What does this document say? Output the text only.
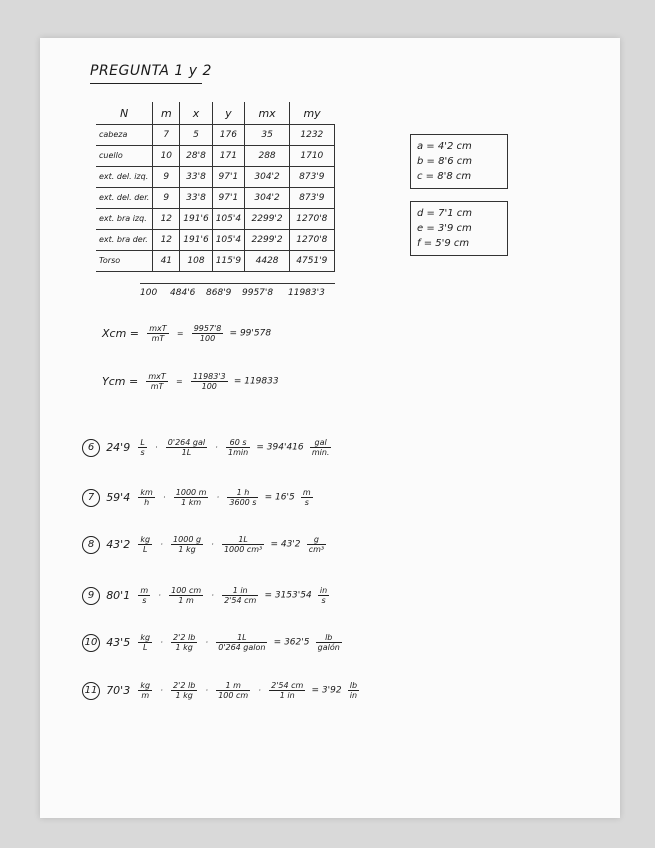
PREGUNTA 1 y 2
N	m	x	y	mx	my
cabeza	7	5	176	35	1232
cuello	10	28'8	171	288	1710
ext. del. izq.	9	33'8	97'1	304'2	873'9
ext. del. der.	9	33'8	97'1	304'2	873'9
ext. bra izq.	12	191'6	105'4	2299'2	1270'8
ext. bra der.	12	191'6	105'4	2299'2	1270'8
Torso	41	108	115'9	4428	4751'9
100 484'6 868'9 9957'8 11983'3
a = 4'2 cm
b = 8'6 cm
c = 8'8 cm
d = 7'1 cm
e = 3'9 cm
f = 5'9 cm
Xcm = $\frac{\text{mxT}}{mT} = \frac{9957'8}{100} = 99'578$
Ycm = $\frac{\text{mxT}}{mT} = \frac{11983'3}{100} = 119833$
6 $24'9 \frac{L}{s} \cdot \frac{\text{0'264 gal}}{1L} \cdot \frac{60 s}{1\min} = 394'416 \frac{\text{gal}}{\min.}$
7 $59'4 \frac{km}{h} \cdot \frac{1000 m}{1 km} \cdot \frac{1 h}{3600 s} = 16'5 \frac{m}{s}$
8 $43'2 \frac{kg}{L} \cdot \frac{1000 g}{1 kg} \cdot \frac{1L}{\text{1000 cm³}} = 43'2 \frac{g}{\text{cm³}}$
9 $80'1 \frac{m}{s} \cdot \frac{100 cm}{1 m} \cdot \frac{1 in}{2'54 cm} = 3153'54 \frac{in}{s}$
10 $43'5 \frac{kg}{L} \cdot \frac{2'2 lb}{1 kg} \cdot \frac{1L}{\text{0'264 galon}} = 362'5 \frac{lb}{\text{galón}}$
11 $70'3 \frac{kg}{m} \cdot \frac{2'2 lb}{1 kg} \cdot \frac{1 m}{100 cm} \cdot \frac{2'54 cm}{1 in} = 3'92 \frac{lb}{in}$
